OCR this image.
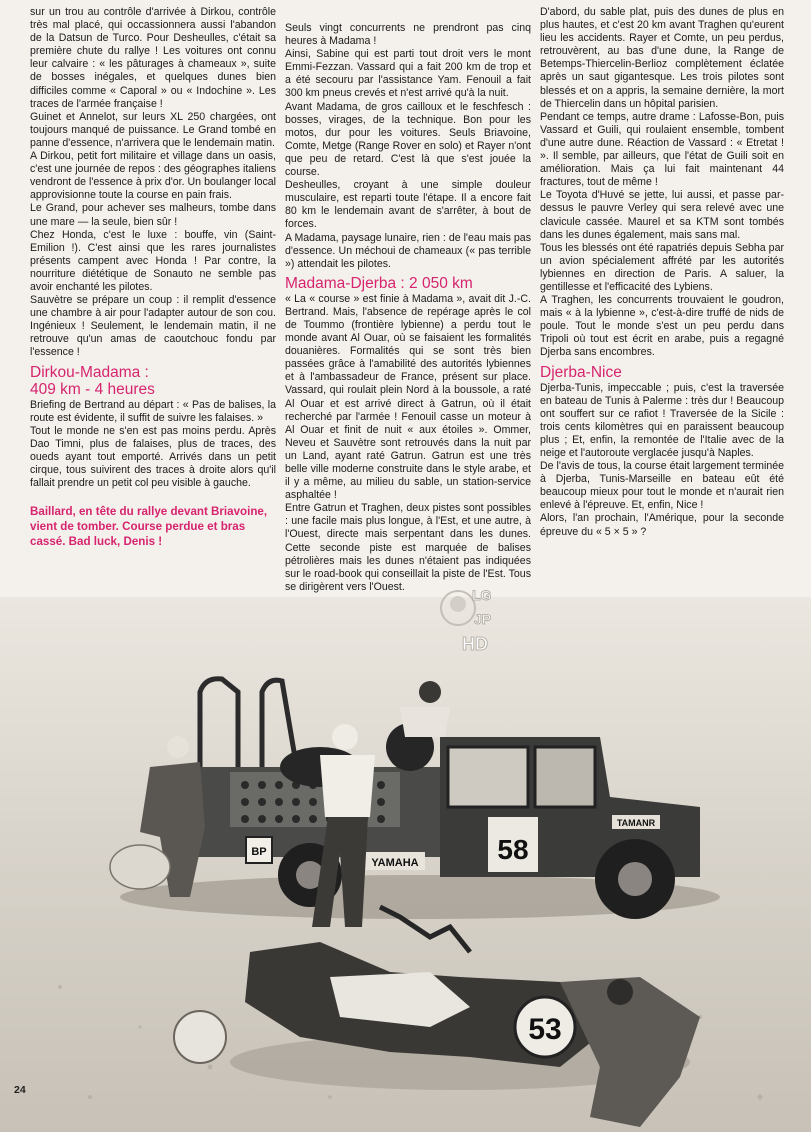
sur un trou au contrôle d'arrivée à Dirkou, contrôle très mal placé, qui occassionnera aussi l'abandon de la Datsun de Turco. Pour Desheulles, c'était sa première chute du rallye ! Les voitures ont connu leur calvaire : « les pâturages à chameaux », suite de bosses inégales, et quelques dunes bien difficiles comme « Caporal » ou « Indochine ». Les traces de l'armée française !

Guinet et Annelot, sur leurs XL 250 chargées, ont toujours manqué de puissance. Le Grand tombé en panne d'essence, n'arrivera que le lendemain matin.

A Dirkou, petit fort militaire et village dans un oasis, c'est une journée de repos : des géographes italiens vendront de l'essence à prix d'or. Un boulanger local approvisionne toute la course en pain frais.

Le Grand, pour achever ses malheurs, tombe dans une mare — la seule, bien sûr !

Chez Honda, c'est le luxe : bouffe, vin (Saint-Emilion !). C'est ainsi que les rares journalistes présents campent avec Honda ! Par contre, la nourriture diététique de Sonauto ne semble pas avoir enchanté les pilotes.

Sauvètre se prépare un coup : il remplit d'essence une chambre à air pour l'adapter autour de son cou. Ingénieux ! Seulement, le lendemain matin, il ne retrouve qu'un amas de caoutchouc fondu par l'essence !

Dirkou-Madama :
409 km - 4 heures

Briefing de Bertrand au départ : « Pas de balises, la route est évidente, il suffit de suivre les falaises. »

Tout le monde ne s'en est pas moins perdu. Après Dao Timni, plus de falaises, plus de traces, des oueds ayant tout emporté. Arrivés dans un petit cirque, tous suivirent des traces à droite alors qu'il fallait prendre un petit col peu visible à gauche.

Baillard, en tête du rallye devant Briavoine, vient de tomber. Course perdue et bras cassé. Bad luck, Denis !

Seuls vingt concurrents ne prendront pas cinq heures à Madama !

Ainsi, Sabine qui est parti tout droit vers le mont Emmi-Fezzan. Vassard qui a fait 200 km de trop et a été secouru par l'assistance Yam. Fenouil a fait 300 km pneus crevés et n'est arrivé qu'à la nuit.

Avant Madama, de gros cailloux et le feschfesch : bosses, virages, de la technique. Bon pour les motos, dur pour les voitures. Seuls Briavoine, Comte, Metge (Range Rover en solo) et Rayer n'ont que peu de retard. C'est là que s'est jouée la course.

Desheulles, croyant à une simple douleur musculaire, est reparti toute l'étape. Il a encore fait 80 km le lendemain avant de s'arrêter, à bout de forces.

A Madama, paysage lunaire, rien : de l'eau mais pas d'essence. Un méchoui de chameaux (« pas terrible ») attendait les pilotes.

Madama-Djerba : 2 050 km

« La « course » est finie à Madama », avait dit J.-C. Bertrand. Mais, l'absence de repérage après le col de Toummo (frontière lybienne) a perdu tout le monde avant Al Ouar, où se faisaient les formalités douanières. Formalités qui se sont très bien passées grâce à l'amabilité des autorités lybiennes et à l'ambassadeur de France, présent sur place. Vassard, qui roulait plein Nord à la boussole, a raté Al Ouar et est arrivé direct à Gatrun, où il était recherché par l'armée ! Fenouil casse un moteur à Al Ouar et finit de nuit « aux étoiles ». Ommer, Neveu et Sauvètre sont retrouvés dans la nuit par un Land, ayant raté Gatrun. Gatrun est une très belle ville moderne construite dans le style arabe, et il y a même, au milieu du sable, un station-service asphaltée !

Entre Gatrun et Traghen, deux pistes sont possibles : une facile mais plus longue, à l'Est, et une autre, à l'Ouest, directe mais serpentant dans les dunes. Cette seconde piste est marquée de balises pétrolières mais les dunes n'étaient pas indiquées sur le road-book qui conseillait la piste de l'Est. Tous se dirigèrent vers l'Ouest.

D'abord, du sable plat, puis des dunes de plus en plus hautes, et c'est 20 km avant Traghen qu'eurent lieu les accidents. Rayer et Comte, un peu perdus, retrouvèrent, au bas d'une dune, la Range de Betemps-Thiercelin-Berlioz complètement éclatée après un saut gigantesque. Les trois pilotes sont blessés et on a appris, la semaine dernière, la mort de Thiercelin dans un hôpital parisien.

Pendant ce temps, autre drame : Lafosse-Bon, puis Vassard et Guili, qui roulaient ensemble, tombent d'une autre dune. Réaction de Vassard : « Etretat ! ». Il semble, par ailleurs, que l'état de Guili soit en amélioration. Mais ça lui fait maintenant 44 fractures, tout de même !

Le Toyota d'Huvé se jette, lui aussi, et passe par-dessus le pauvre Verley qui sera relevé avec une clavicule cassée. Maurel et sa KTM sont tombés dans les dunes également, mais sans mal.

Tous les blessés ont été rapatriés depuis Sebha par un avion spécialement affrété par les autorités lybiennes en direction de Paris. A saluer, la gentillesse et l'efficacité des Lybiens.

A Traghen, les concurrents trouvaient le goudron, mais « à la lybienne », c'est-à-dire truffé de nids de poule. Tout le monde s'est un peu perdu dans Tripoli où tout est écrit en arabe, puis a regagné Djerba sans encombres.

Djerba-Nice

Djerba-Tunis, impeccable ; puis, c'est la traversée en bateau de Tunis à Palerme : très dur ! Beaucoup ont souffert sur ce rafiot ! Traversée de la Sicile : trois cents kilomètres qui en paraissent beaucoup plus ; Et, enfin, la remontée de l'Italie avec de la neige et l'autoroute verglacée jusqu'à Naples.

De l'avis de tous, la course était largement terminée à Djerba, Tunis-Marseille en bateau eût été beaucoup mieux pour tout le monde et n'aurait rien enlevé à l'épreuve. Et, enfin, Nice !

Alors, l'an prochain, l'Amérique, pour la seconde épreuve du « 5 × 5 » ?

58
YAMAHA
TAMANR
BP
53
LG
JP
HD
24
